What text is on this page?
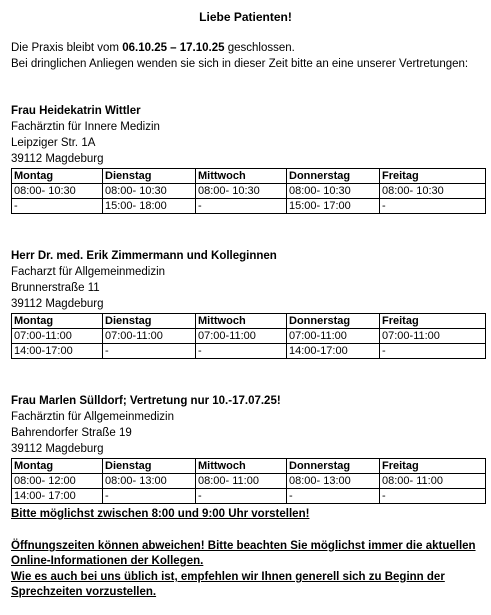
Liebe Patienten!
Die Praxis bleibt vom 06.10.25 – 17.10.25 geschlossen.
Bei dringlichen Anliegen wenden sie sich in dieser Zeit bitte an eine unserer Vertretungen:
Frau Heidekatrin Wittler
Fachärztin für Innere Medizin
Leipziger Str. 1A
39112 Magdeburg
Montag	Dienstag	Mittwoch	Donnerstag	Freitag
08:00- 10:30	08:00- 10:30	08:00- 10:30	08:00- 10:30	08:00- 10:30
-	15:00- 18:00	-	15:00- 17:00	-
Herr Dr. med. Erik Zimmermann und Kolleginnen
Facharzt für Allgemeinmedizin
Brunnerstraße 11
39112 Magdeburg
Montag	Dienstag	Mittwoch	Donnerstag	Freitag
07:00-11:00	07:00-11:00	07:00-11:00	07:00-11:00	07:00-11:00
14:00-17:00	-	-	14:00-17:00	-
Frau Marlen Sülldorf; Vertretung nur 10.-17.07.25!
Fachärztin für Allgemeinmedizin
Bahrendorfer Straße 19
39112 Magdeburg
Montag	Dienstag	Mittwoch	Donnerstag	Freitag
08:00- 12:00	08:00- 13:00	08:00- 11:00	08:00- 13:00	08:00- 11:00
14:00- 17:00	-	-	-	-
Bitte möglichst zwischen 8:00 und 9:00 Uhr vorstellen!
Öffnungszeiten können abweichen! Bitte beachten Sie möglichst immer die aktuellen
Online-Informationen der Kollegen.
Wie es auch bei uns üblich ist, empfehlen wir Ihnen generell sich zu Beginn der
Sprechzeiten vorzustellen.
